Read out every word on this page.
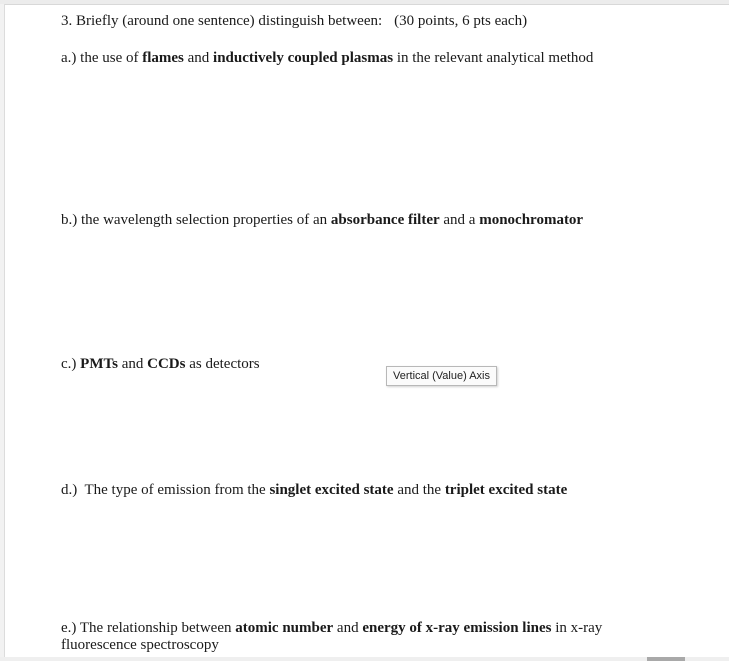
3. Briefly (around one sentence) distinguish between: (30 points, 6 pts each)
a.) the use of flames and inductively coupled plasmas in the relevant analytical method
b.) the wavelength selection properties of an absorbance filter and a monochromator
c.) PMTs and CCDs as detectors
Vertical (Value) Axis
d.)  The type of emission from the singlet excited state and the triplet excited state
e.) The relationship between atomic number and energy of x-ray emission lines in x-ray fluorescence spectroscopy
